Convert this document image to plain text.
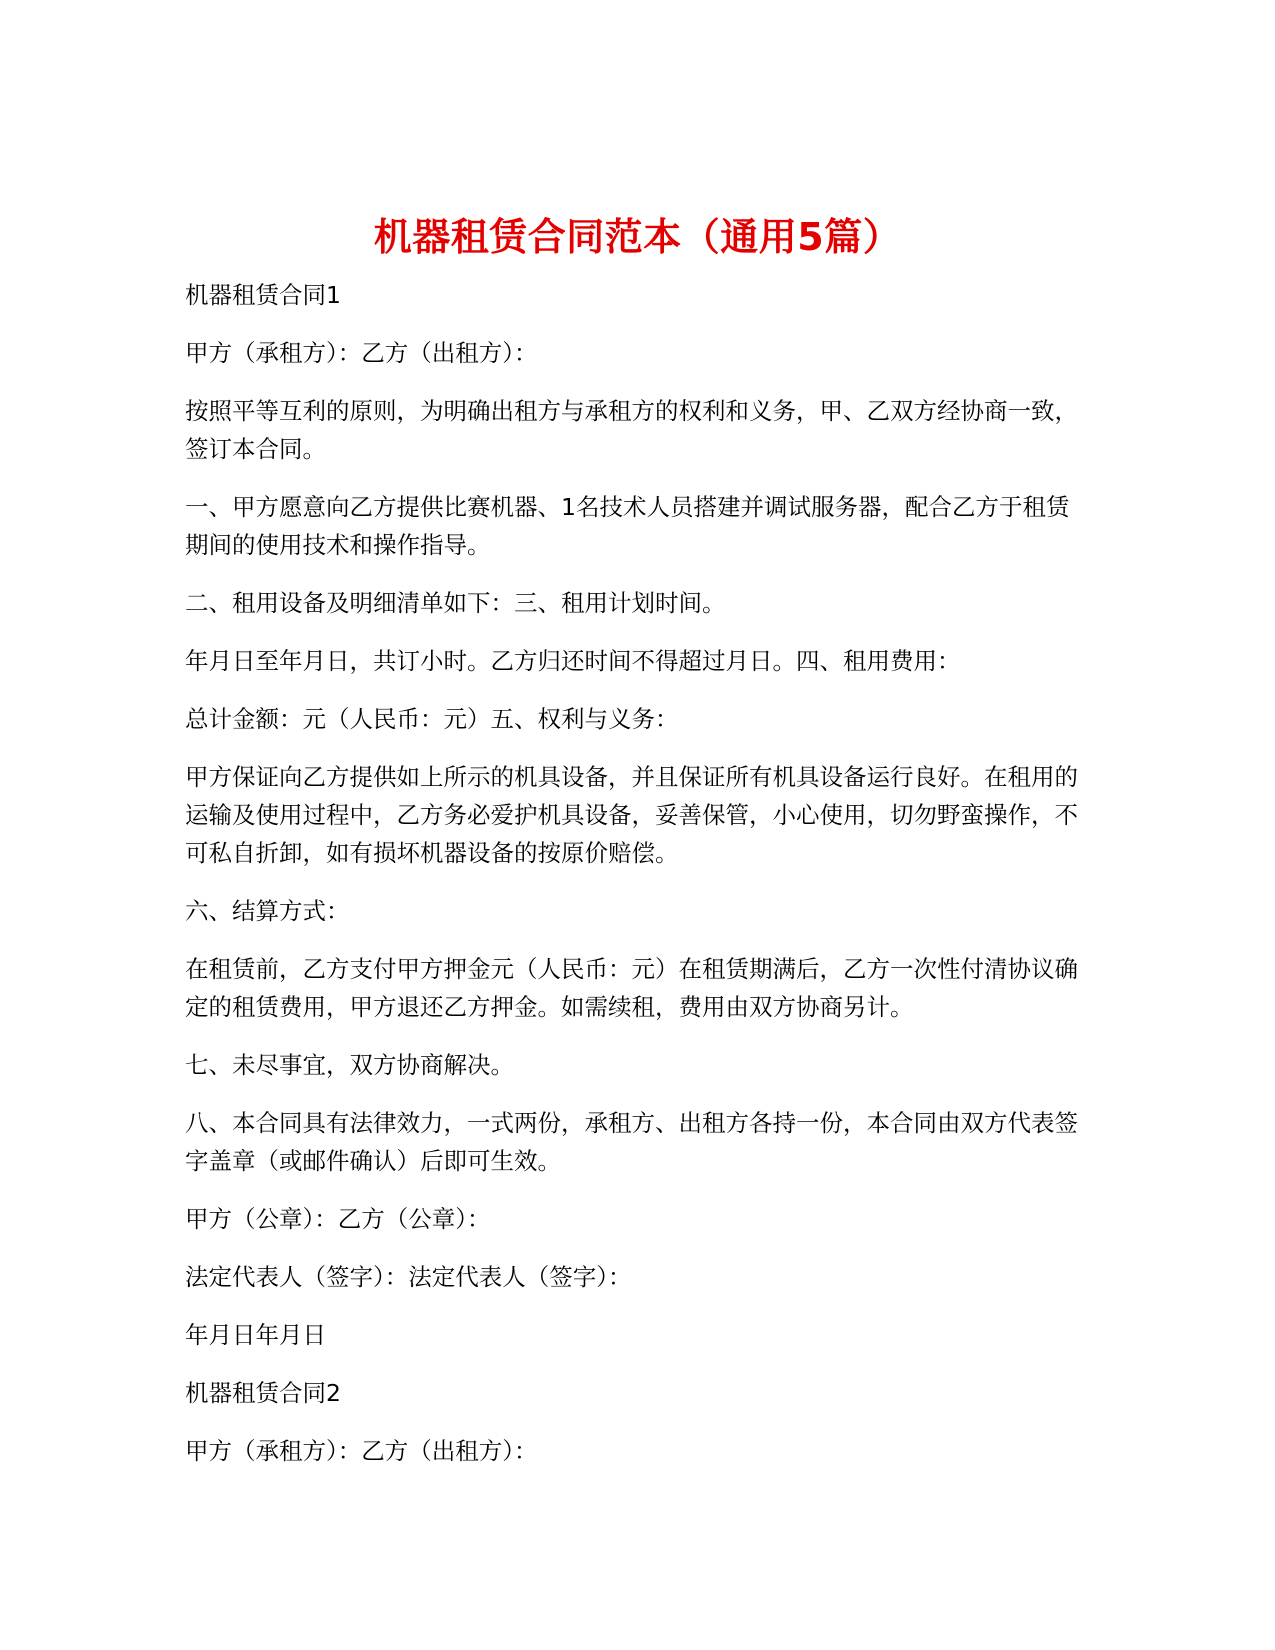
机器租赁合同范本（通用5篇）

机器租赁合同1

甲方（承租方）：乙方（出租方）：

按照平等互利的原则，为明确出租方与承租方的权利和义务，甲、乙双方经协商一致，签订本合同。

一、甲方愿意向乙方提供比赛机器、1名技术人员搭建并调试服务器，配合乙方于租赁期间的使用技术和操作指导。

二、租用设备及明细清单如下：三、租用计划时间。

年月日至年月日，共订小时。乙方归还时间不得超过月日。四、租用费用：

总计金额：元（人民币：元）五、权利与义务：

甲方保证向乙方提供如上所示的机具设备，并且保证所有机具设备运行良好。在租用的运输及使用过程中，乙方务必爱护机具设备，妥善保管，小心使用，切勿野蛮操作，不可私自折卸，如有损坏机器设备的按原价赔偿。

六、结算方式：

在租赁前，乙方支付甲方押金元（人民币：元）在租赁期满后，乙方一次性付清协议确定的租赁费用，甲方退还乙方押金。如需续租，费用由双方协商另计。

七、未尽事宜，双方协商解决。

八、本合同具有法律效力，一式两份，承租方、出租方各持一份，本合同由双方代表签字盖章（或邮件确认）后即可生效。

甲方（公章）：乙方（公章）：

法定代表人（签字）：法定代表人（签字）：

年月日年月日

机器租赁合同2

甲方（承租方）：乙方（出租方）：
